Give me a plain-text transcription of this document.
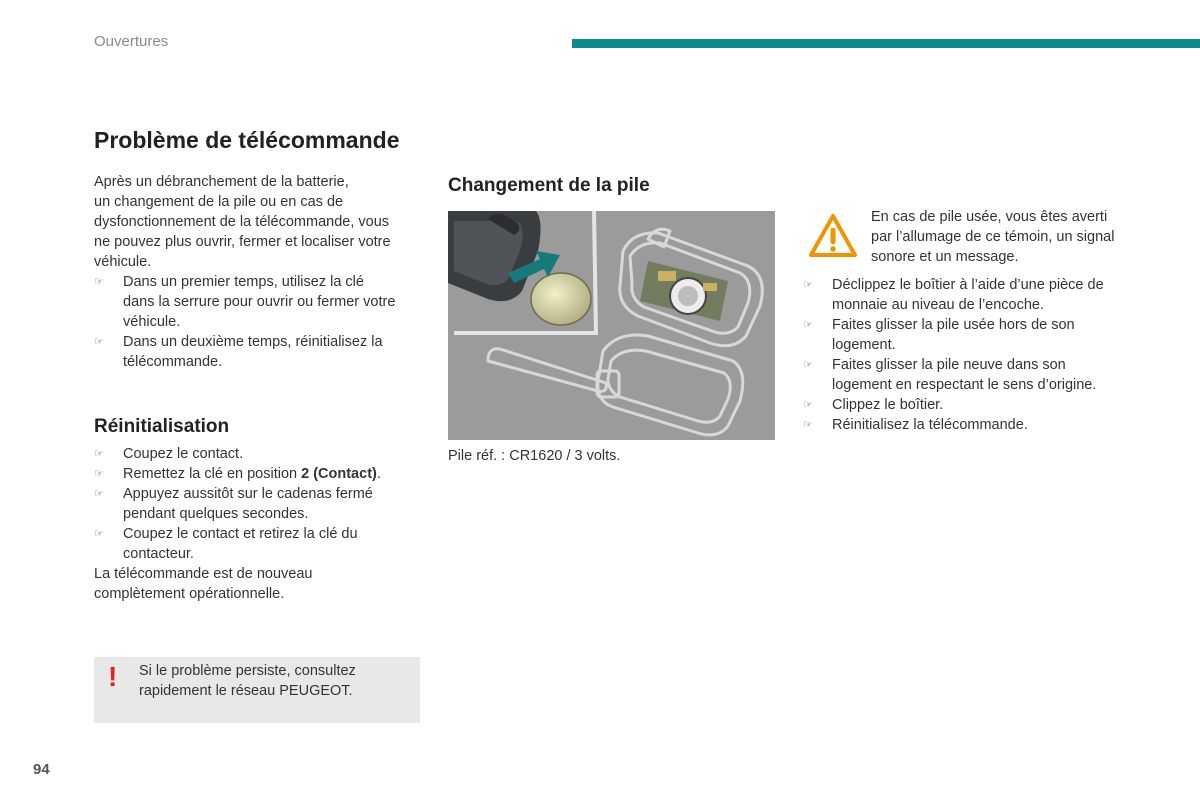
Ouvertures
Problème de télécommande
Après un débranchement de la batterie,
un changement de la pile ou en cas de
dysfonctionnement de la télécommande, vous
ne pouvez plus ouvrir, fermer et localiser votre
véhicule.
☞ Dans un premier temps, utilisez la clé
dans la serrure pour ouvrir ou fermer votre
véhicule.
☞ Dans un deuxième temps, réinitialisez la
télécommande.
Réinitialisation
☞ Coupez le contact.
☞ Remettez la clé en position 2 (Contact).
☞ Appuyez aussitôt sur le cadenas fermé
pendant quelques secondes.
☞ Coupez le contact et retirez la clé du
contacteur.
La télécommande est de nouveau
complètement opérationnelle.
! Si le problème persiste, consultez
rapidement le réseau PEUGEOT.
Changement de la pile
Pile réf. : CR1620 / 3 volts.
En cas de pile usée, vous êtes averti
par l’allumage de ce témoin, un signal
sonore et un message.
☞ Déclippez le boîtier à l’aide d’une pièce de
monnaie au niveau de l’encoche.
☞ Faites glisser la pile usée hors de son
logement.
☞ Faites glisser la pile neuve dans son
logement en respectant le sens d’origine.
☞ Clippez le boîtier.
☞ Réinitialisez la télécommande.
94
